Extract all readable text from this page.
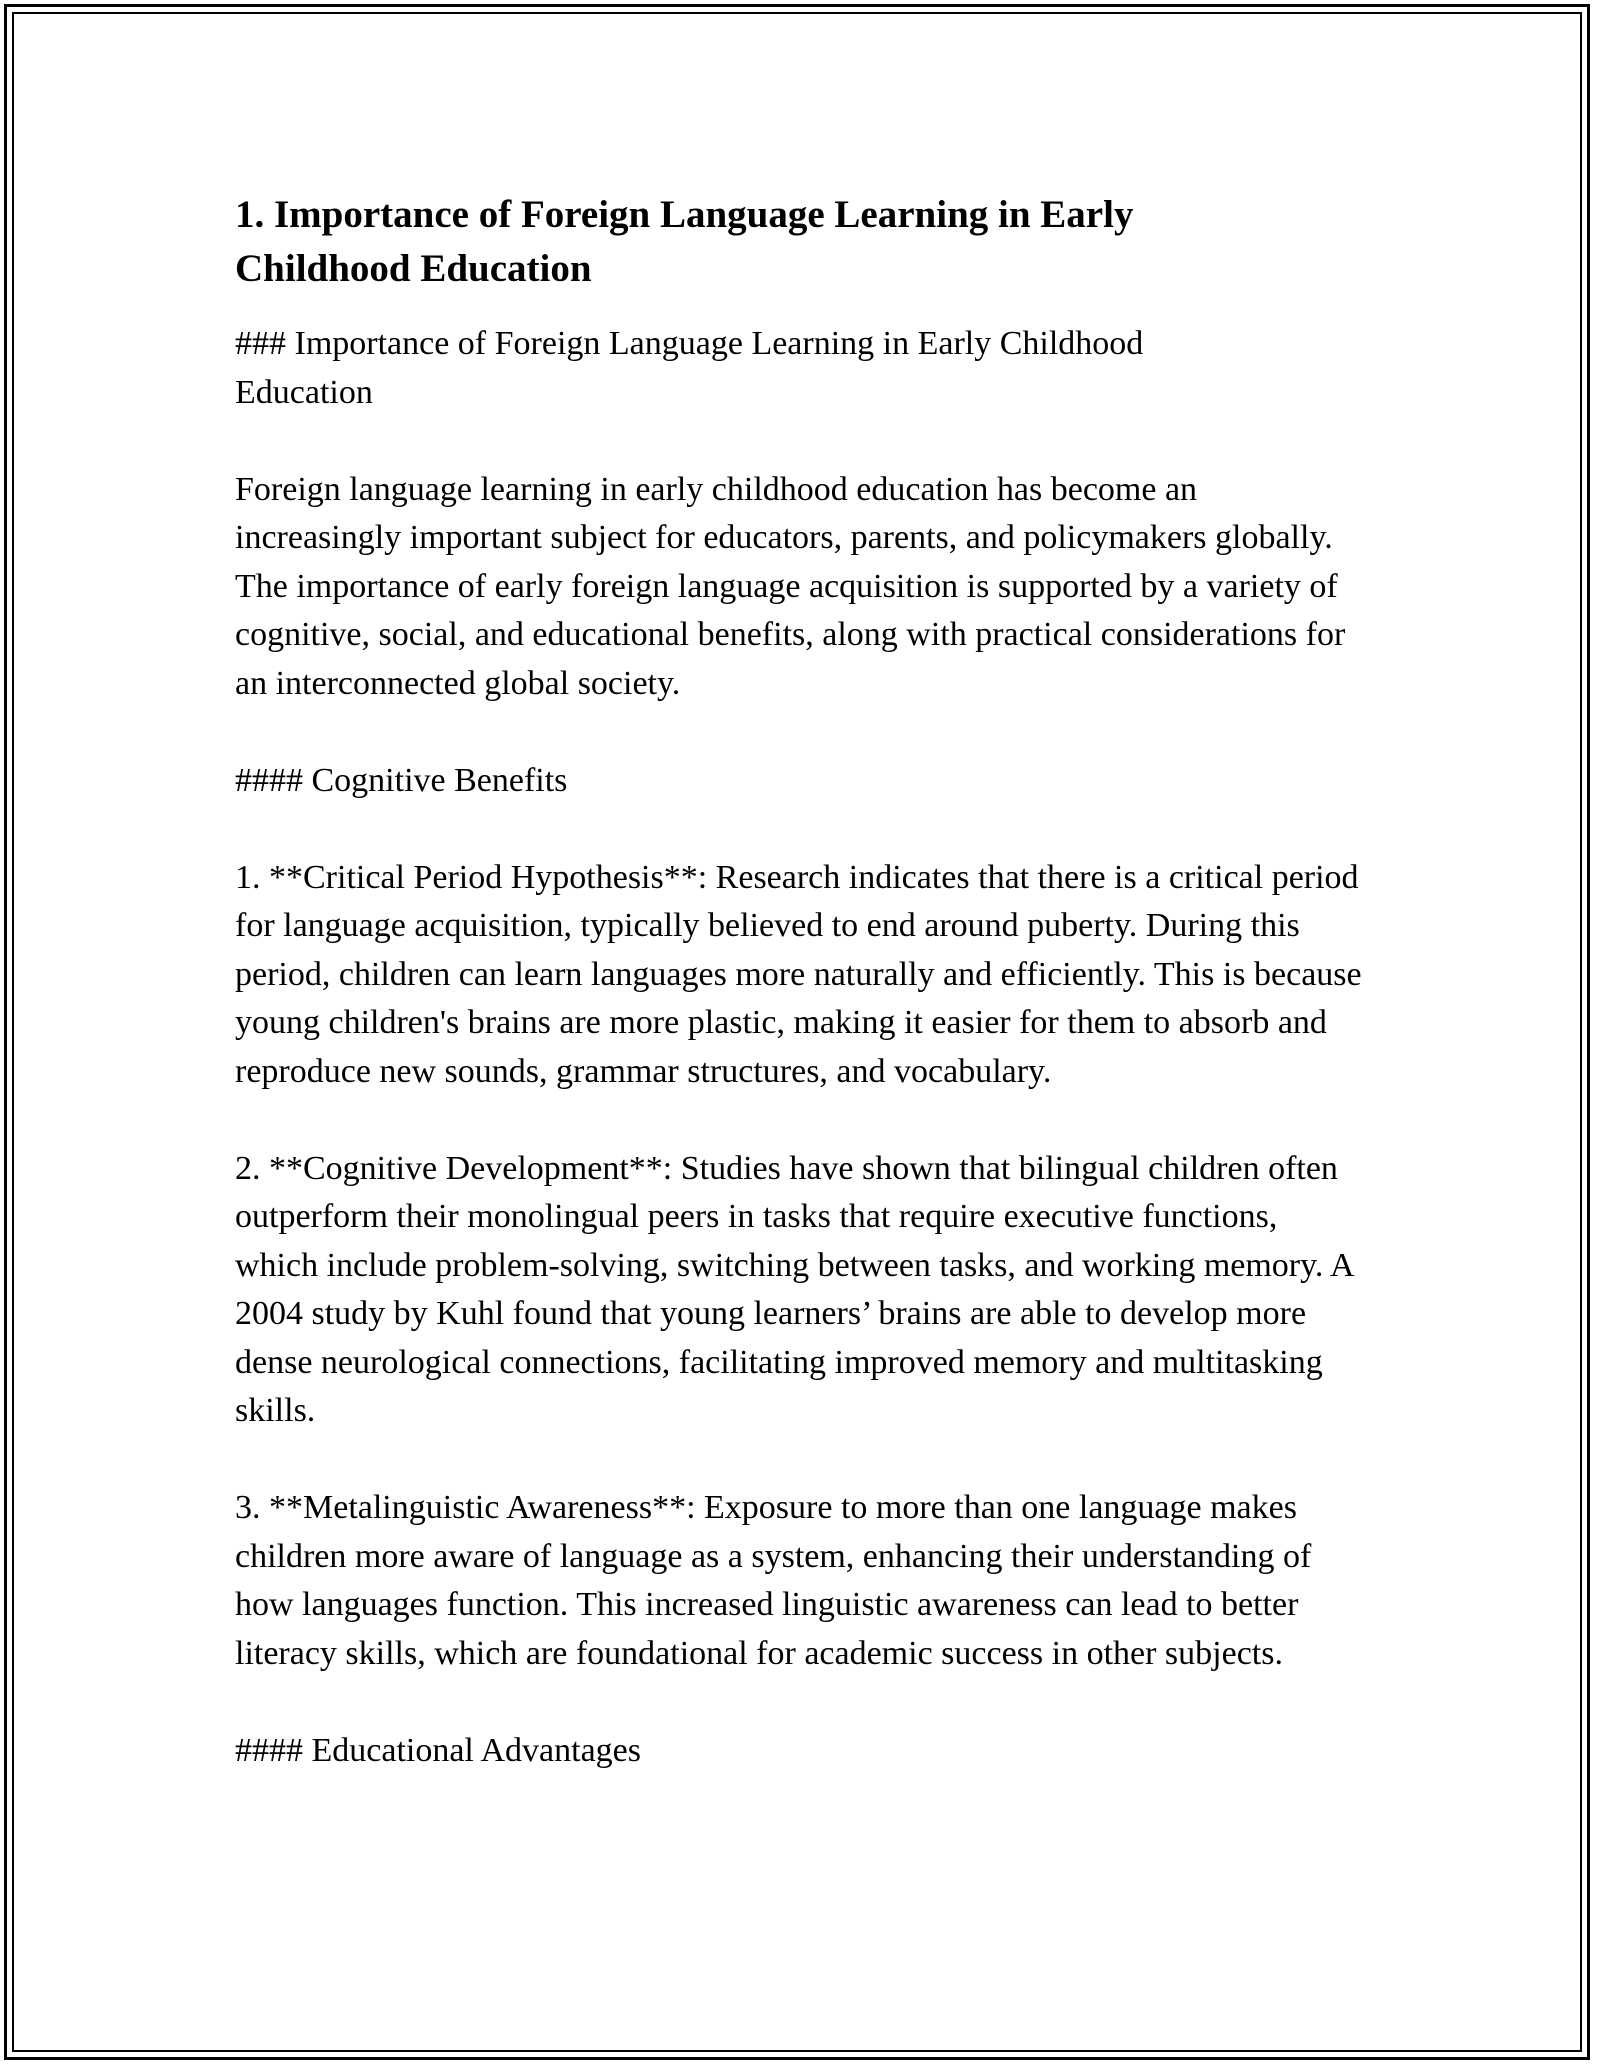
1. Importance of Foreign Language Learning in Early Childhood Education

### Importance of Foreign Language Learning in Early Childhood Education

Foreign language learning in early childhood education has become an increasingly important subject for educators, parents, and policymakers globally. The importance of early foreign language acquisition is supported by a variety of cognitive, social, and educational benefits, along with practical considerations for an interconnected global society.

#### Cognitive Benefits

1. **Critical Period Hypothesis**: Research indicates that there is a critical period for language acquisition, typically believed to end around puberty. During this period, children can learn languages more naturally and efficiently. This is because young children's brains are more plastic, making it easier for them to absorb and reproduce new sounds, grammar structures, and vocabulary.

2. **Cognitive Development**: Studies have shown that bilingual children often outperform their monolingual peers in tasks that require executive functions, which include problem-solving, switching between tasks, and working memory. A 2004 study by Kuhl found that young learners’ brains are able to develop more dense neurological connections, facilitating improved memory and multitasking skills.

3. **Metalinguistic Awareness**: Exposure to more than one language makes children more aware of language as a system, enhancing their understanding of how languages function. This increased linguistic awareness can lead to better literacy skills, which are foundational for academic success in other subjects.

#### Educational Advantages
